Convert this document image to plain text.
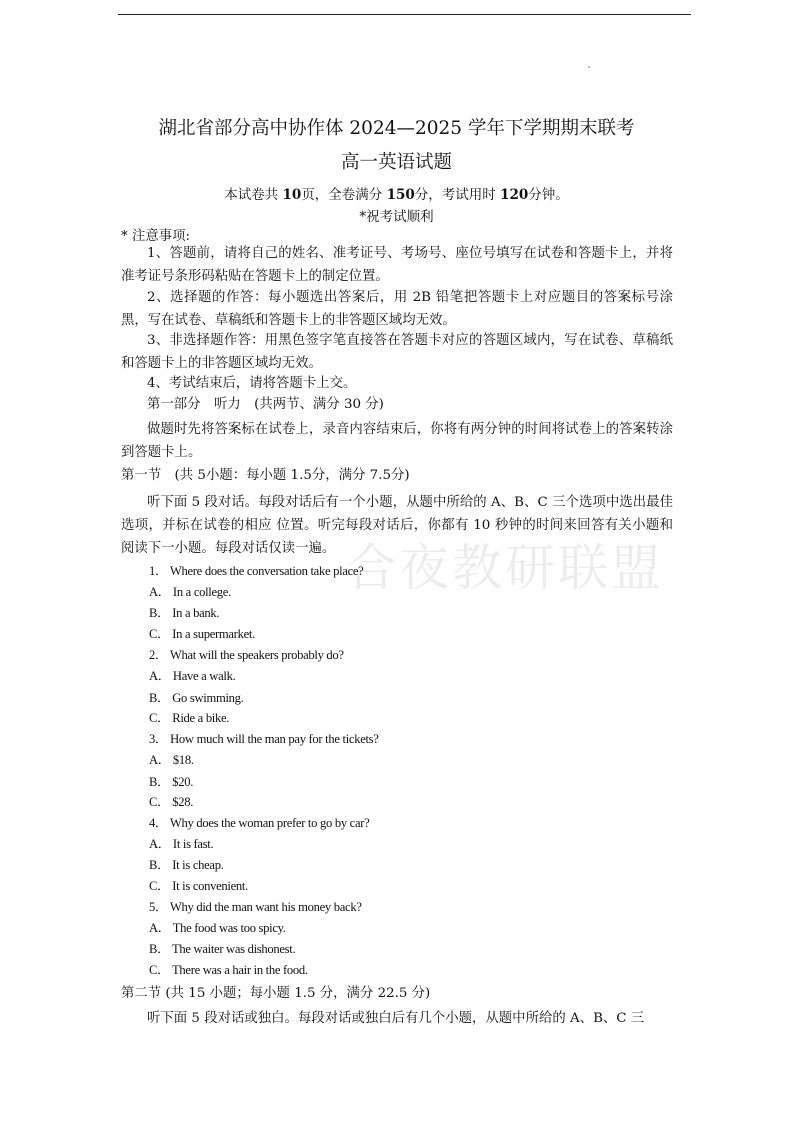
合夜教研联盟
湖北省部分高中协作体 2024—2025 学年下学期期末联考
高一英语试题
本试卷共 10页，全卷满分 150分，考试用时 120分钟。
*祝考试顺利
* 注意事项:
1、答题前，请将自己的姓名、准考证号、考场号、座位号填写在试卷和答题卡上，并将准考证号条形码粘贴在答题卡上的制定位置。
2、选择题的作答：每小题选出答案后，用 2B 铅笔把答题卡上对应题目的答案标号涂黑，写在试卷、草稿纸和答题卡上的非答题区域均无效。
3、非选择题作答：用黑色签字笔直接答在答题卡对应的答题区域内，写在试卷、草稿纸和答题卡上的非答题区域均无效。
4、考试结束后，请将答题卡上交。
第一部分　听力　(共两节、满分 30 分)
做题时先将答案标在试卷上，录音内容结束后，你将有两分钟的时间将试卷上的答案转涂到答题卡上。
第一节　(共 5小题：每小题 1.5分，满分 7.5分)
听下面 5 段对话。每段对话后有一个小题，从题中所给的 A、B、C 三个选项中选出最佳选项，并标在试卷的相应 位置。听完每段对话后，你都有 10 秒钟的时间来回答有关小题和阅读下一小题。每段对话仅读一遍。
1． Where does the conversation take place?
A． In a college.
B． In a bank.
C． In a supermarket.
2． What will the speakers probably do?
A． Have a walk.
B． Go swimming.
C． Ride a bike.
3． How much will the man pay for the tickets?
A． $18.
B． $20.
C． $28.
4． Why does the woman prefer to go by car?
A． It is fast.
B． It is cheap.
C． It is convenient.
5． Why did the man want his money back?
A． The food was too spicy.
B． The waiter was dishonest.
C． There was a hair in the food.
第二节 (共 15 小题；每小题 1.5 分，满分 22.5 分)
听下面 5 段对话或独白。每段对话或独白后有几个小题，从题中所给的 A、B、C 三
